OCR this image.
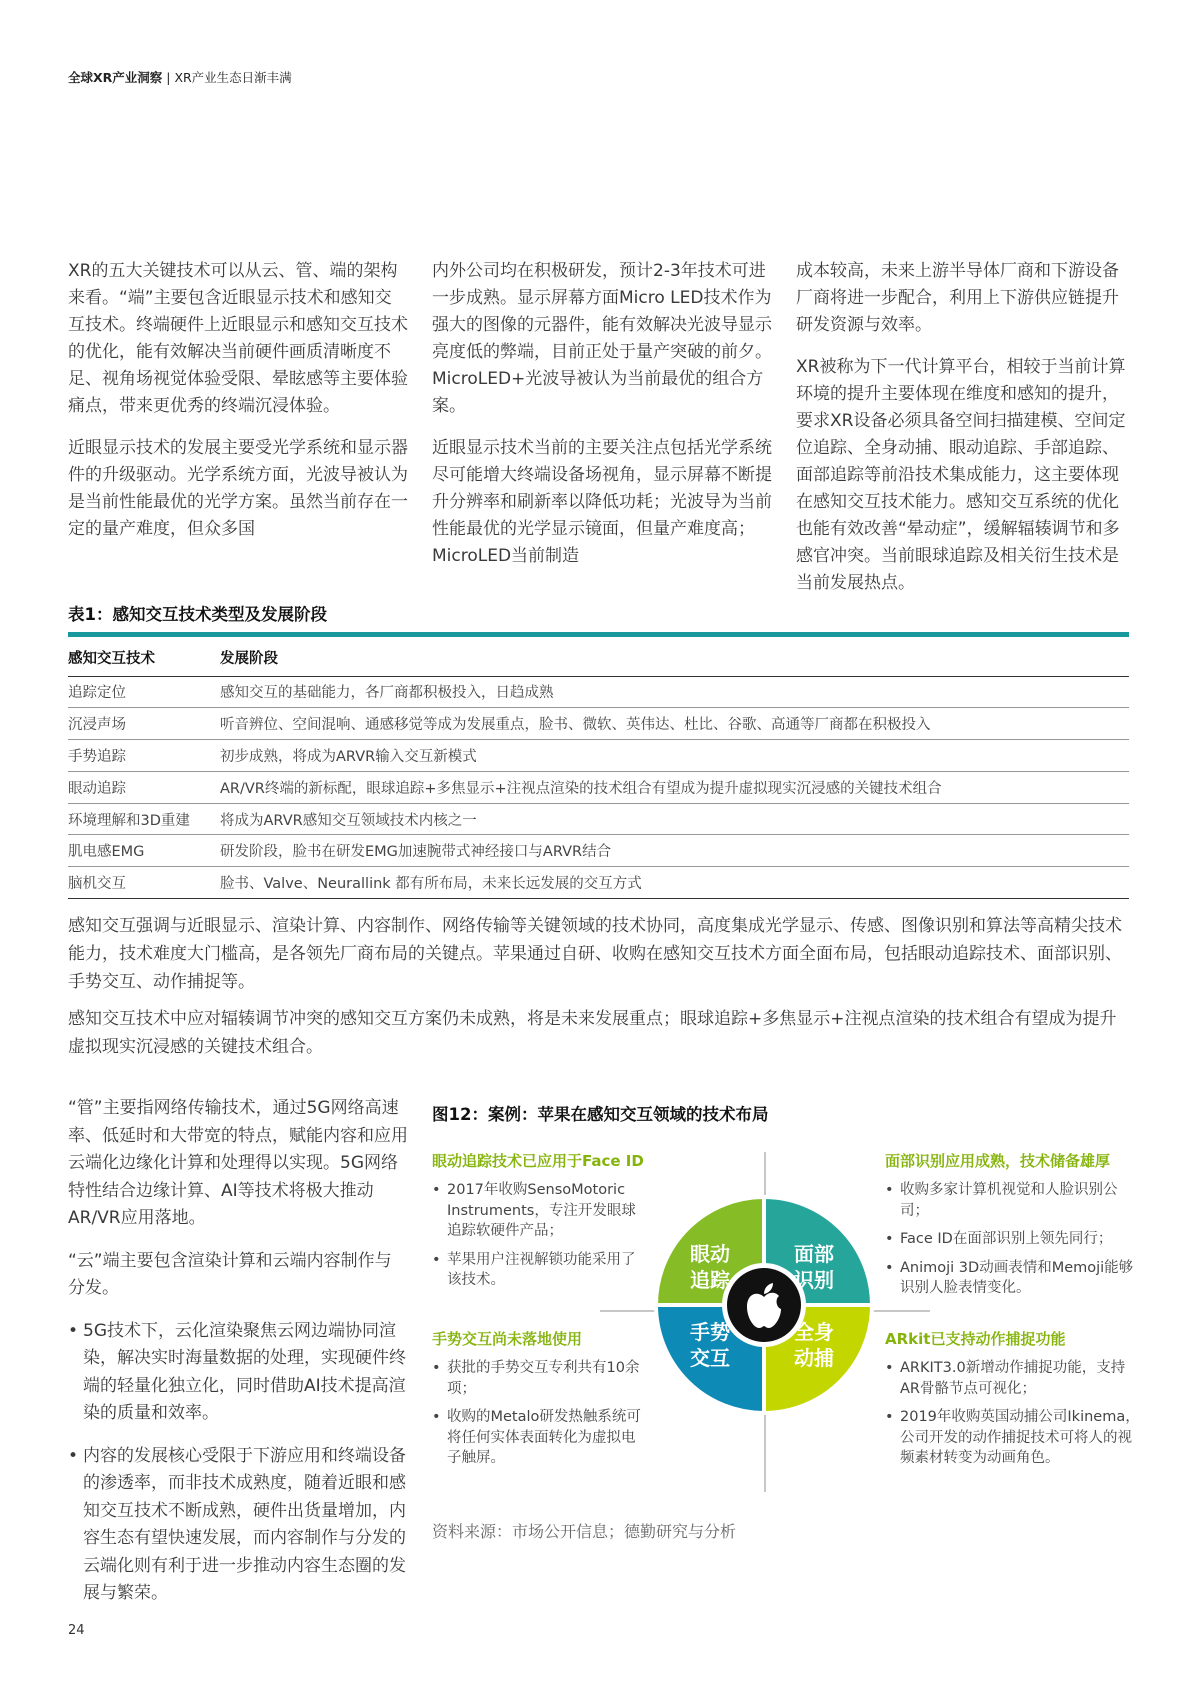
全球XR产业洞察 | XR产业生态日渐丰满

XR的五大关键技术可以从云、管、端的架构来看。“端”主要包含近眼显示技术和感知交互技术。终端硬件上近眼显示和感知交互技术的优化，能有效解决当前硬件画质清晰度不足、视角场视觉体验受限、晕眩感等主要体验痛点，带来更优秀的终端沉浸体验。

近眼显示技术的发展主要受光学系统和显示器件的升级驱动。光学系统方面，光波导被认为是当前性能最优的光学方案。虽然当前存在一定的量产难度，但众多国

内外公司均在积极研发，预计2-3年技术可进一步成熟。显示屏幕方面Micro LED技术作为强大的图像的元器件，能有效解决光波导显示亮度低的弊端，目前正处于量产突破的前夕。MicroLED+光波导被认为当前最优的组合方案。

近眼显示技术当前的主要关注点包括光学系统尽可能增大终端设备场视角，显示屏幕不断提升分辨率和刷新率以降低功耗；光波导为当前性能最优的光学显示镜面，但量产难度高；MicroLED当前制造

成本较高，未来上游半导体厂商和下游设备厂商将进一步配合，利用上下游供应链提升研发资源与效率。

XR被称为下一代计算平台，相较于当前计算环境的提升主要体现在维度和感知的提升，要求XR设备必须具备空间扫描建模、空间定位追踪、全身动捕、眼动追踪、手部追踪、面部追踪等前沿技术集成能力，这主要体现在感知交互技术能力。感知交互系统的优化也能有效改善“晕动症”，缓解辐辏调节和多感官冲突。当前眼球追踪及相关衍生技术是当前发展热点。

表1：感知交互技术类型及发展阶段
感知交互技术	发展阶段
追踪定位	感知交互的基础能力，各厂商都积极投入，日趋成熟
沉浸声场	听音辨位、空间混响、通感移觉等成为发展重点，脸书、微软、英伟达、杜比、谷歌、高通等厂商都在积极投入
手势追踪	初步成熟，将成为ARVR输入交互新模式
眼动追踪	AR/VR终端的新标配，眼球追踪+多焦显示+注视点渲染的技术组合有望成为提升虚拟现实沉浸感的关键技术组合
环境理解和3D重建	将成为ARVR感知交互领域技术内核之一
肌电感EMG	研发阶段，脸书在研发EMG加速腕带式神经接口与ARVR结合
脑机交互	脸书、Valve、Neurallink 都有所布局，未来长远发展的交互方式
感知交互强调与近眼显示、渲染计算、内容制作、网络传输等关键领域的技术协同，高度集成光学显示、传感、图像识别和算法等高精尖技术能力，技术难度大门槛高，是各领先厂商布局的关键点。苹果通过自研、收购在感知交互技术方面全面布局，包括眼动追踪技术、面部识别、手势交互、动作捕捉等。
感知交互技术中应对辐辏调节冲突的感知交互方案仍未成熟，将是未来发展重点；眼球追踪+多焦显示+注视点渲染的技术组合有望成为提升虚拟现实沉浸感的关键技术组合。

“管”主要指网络传输技术，通过5G网络高速率、低延时和大带宽的特点，赋能内容和应用云端化边缘化计算和处理得以实现。5G网络特性结合边缘计算、AI等技术将极大推动AR/VR应用落地。

“云”端主要包含渲染计算和云端内容制作与分发。

• 5G技术下，云化渲染聚焦云网边端协同渲染，解决实时海量数据的处理，实现硬件终端的轻量化独立化，同时借助AI技术提高渲染的质量和效率。
• 内容的发展核心受限于下游应用和终端设备的渗透率，而非技术成熟度，随着近眼和感知交互技术不断成熟，硬件出货量增加，内容生态有望快速发展，而内容制作与分发的云端化则有利于进一步推动内容生态圈的发展与繁荣。
图12：案例：苹果在感知交互领域的技术布局
眼动追踪技术已应用于Face ID
• 2017年收购SensoMotoric Instruments，专注开发眼球追踪软硬件产品；
• 苹果用户注视解锁功能采用了该技术。
面部识别应用成熟，技术储备雄厚
• 收购多家计算机视觉和人脸识别公司；
• Face ID在面部识别上领先同行；
• Animoji 3D动画表情和Memoji能够识别人脸表情变化。
手势交互尚未落地使用
• 获批的手势交互专利共有10余项；
• 收购的Metalo研发热触系统可将任何实体表面转化为虚拟电子触屏。
ARkit已支持动作捕捉功能
• ARKIT3.0新增动作捕捉功能，支持AR骨骼节点可视化；
• 2019年收购英国动捕公司Ikinema，公司开发的动作捕捉技术可将人的视频素材转变为动画角色。
眼动
追踪
面部
识别
手势
交互
全身
动捕
资料来源：市场公开信息；德勤研究与分析
24
